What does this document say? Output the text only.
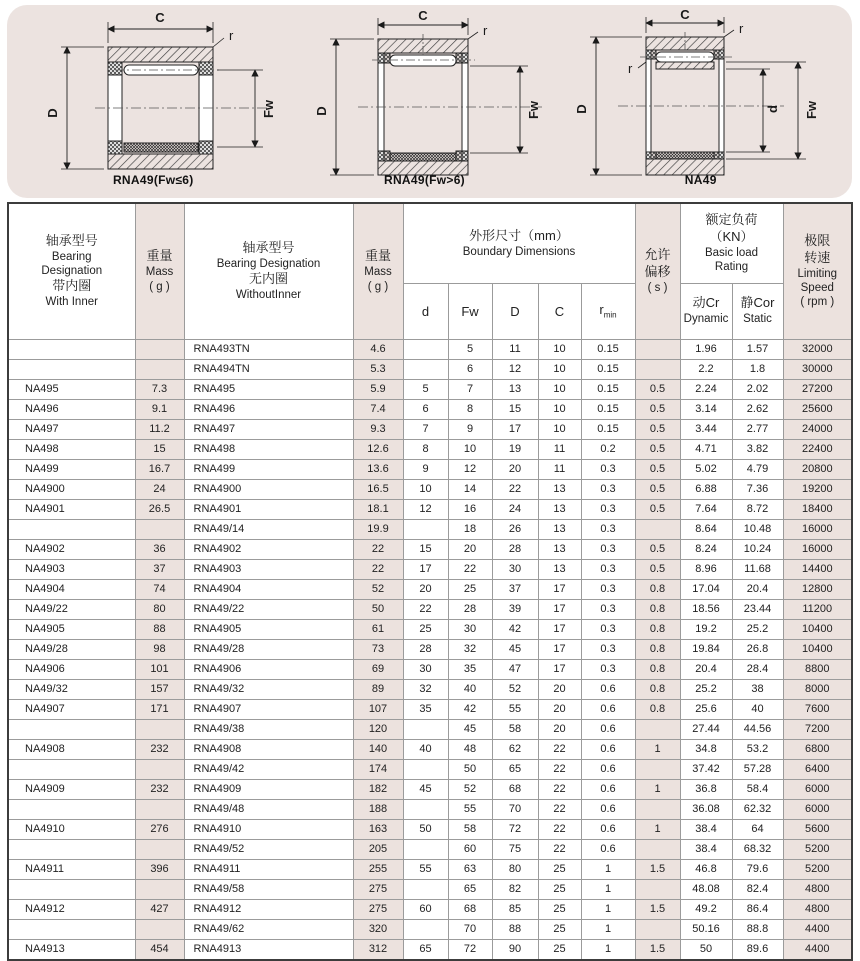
C
r
D	Fw
RNA49(Fw≤6)
C
r
D	Fw
RNA49(Fw>6)
C
r
r
D	d Fw
NA49
轴承型号
Bearing
Designation
带内圈
With Inner

重量
Mass
( g )

轴承型号
Bearing Designation
无内圈
WithoutInner

重量
Mass
( g )

外形尺寸（mm）
Boundary Dimensions	允许
偏移
( s )

额定负荷
（KN）
Basic load
Rating

极限
转速
Limiting
Speed
( rpm )

d	Fw	D	C	$r_{min}$	
动Cr
Dynamic

静Cor
Static

		RNA493TN	4.6		5	11	10	0.15		1.96	1.57	32000
		RNA494TN	5.3		6	12	10	0.15		2.2	1.8	30000
NA495	7.3	RNA495	5.9	5	7	13	10	0.15	0.5	2.24	2.02	27200
NA496	9.1	RNA496	7.4	6	8	15	10	0.15	0.5	3.14	2.62	25600
NA497	11.2	RNA497	9.3	7	9	17	10	0.15	0.5	3.44	2.77	24000
NA498	15	RNA498	12.6	8	10	19	11	0.2	0.5	4.71	3.82	22400
NA499	16.7	RNA499	13.6	9	12	20	11	0.3	0.5	5.02	4.79	20800
NA4900	24	RNA4900	16.5	10	14	22	13	0.3	0.5	6.88	7.36	19200
NA4901	26.5	RNA4901	18.1	12	16	24	13	0.3	0.5	7.64	8.72	18400
		RNA49/14	19.9		18	26	13	0.3		8.64	10.48	16000
NA4902	36	RNA4902	22	15	20	28	13	0.3	0.5	8.24	10.24	16000
NA4903	37	RNA4903	22	17	22	30	13	0.3	0.5	8.96	11.68	14400
NA4904	74	RNA4904	52	20	25	37	17	0.3	0.8	17.04	20.4	12800
NA49/22	80	RNA49/22	50	22	28	39	17	0.3	0.8	18.56	23.44	11200
NA4905	88	RNA4905	61	25	30	42	17	0.3	0.8	19.2	25.2	10400
NA49/28	98	RNA49/28	73	28	32	45	17	0.3	0.8	19.84	26.8	10400
NA4906	101	RNA4906	69	30	35	47	17	0.3	0.8	20.4	28.4	8800
NA49/32	157	RNA49/32	89	32	40	52	20	0.6	0.8	25.2	38	8000
NA4907	171	RNA4907	107	35	42	55	20	0.6	0.8	25.6	40	7600
		RNA49/38	120		45	58	20	0.6		27.44	44.56	7200
NA4908	232	RNA4908	140	40	48	62	22	0.6	1	34.8	53.2	6800
		RNA49/42	174		50	65	22	0.6		37.42	57.28	6400
NA4909	232	RNA4909	182	45	52	68	22	0.6	1	36.8	58.4	6000
		RNA49/48	188		55	70	22	0.6		36.08	62.32	6000
NA4910	276	RNA4910	163	50	58	72	22	0.6	1	38.4	64	5600
		RNA49/52	205		60	75	22	0.6		38.4	68.32	5200
NA4911	396	RNA4911	255	55	63	80	25	1	1.5	46.8	79.6	5200
		RNA49/58	275		65	82	25	1		48.08	82.4	4800
NA4912	427	RNA4912	275	60	68	85	25	1	1.5	49.2	86.4	4800
		RNA49/62	320		70	88	25	1		50.16	88.8	4400
NA4913	454	RNA4913	312	65	72	90	25	1	1.5	50	89.6	4400
